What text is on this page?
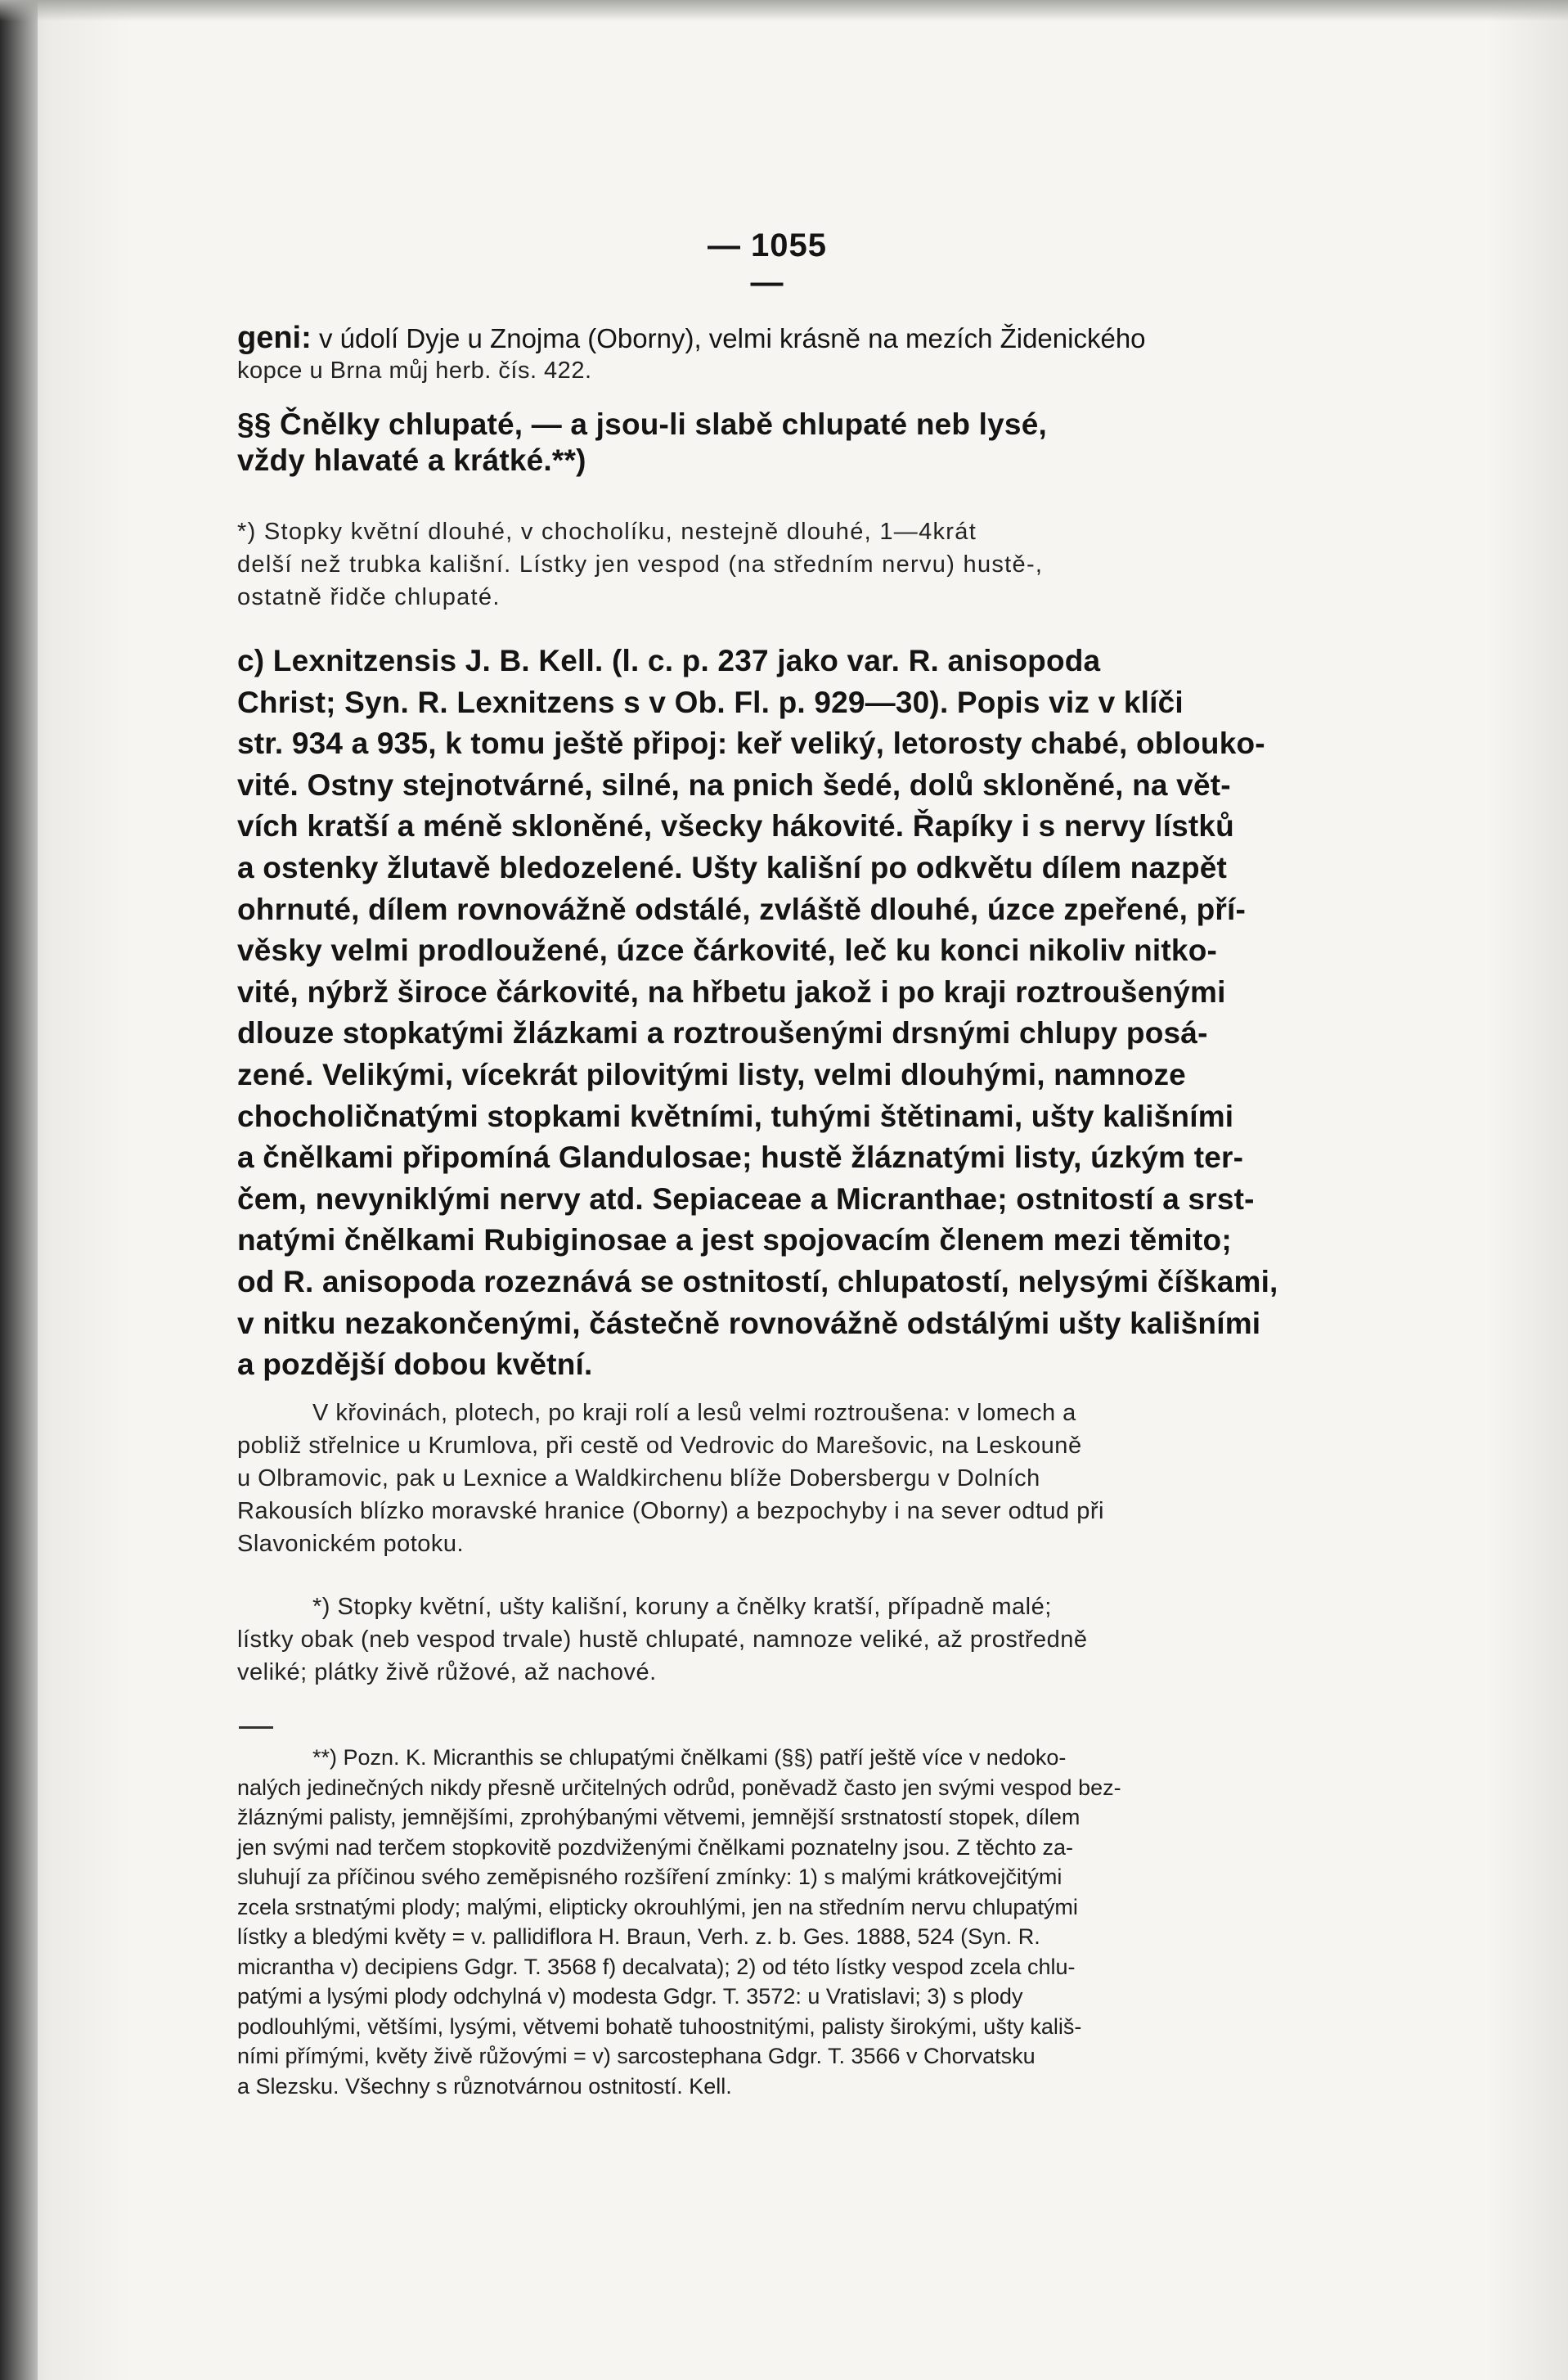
— 1055 —
geni: v údolí Dyje u Znojma (Oborny), velmi krásně na mezích Židenického
kopce u Brna můj herb. čís. 422.
§§ Čnělky chlupaté, — a jsou-li slabě chlupaté neb lysé,
vždy hlavaté a krátké.**)
*) Stopky květní dlouhé, v chocholíku, nestejně dlouhé, 1—4krát
delší než trubka kališní. Lístky jen vespod (na středním nervu) hustě-,
ostatně řidče chlupaté.
c) Lexnitzensis J. B. Kell. (l. c. p. 237 jako var. R. anisopoda
Christ; Syn. R. Lexnitzens s v Ob. Fl. p. 929—30). Popis viz v klíči
str. 934 a 935, k tomu ještě připoj: keř veliký, letorosty chabé, oblouko-
vité. Ostny stejnotvárné, silné, na pnich šedé, dolů skloněné, na vět-
vích kratší a méně skloněné, všecky hákovité. Řapíky i s nervy lístků
a ostenky žlutavě bledozelené. Ušty kališní po odkvětu dílem nazpět
ohrnuté, dílem rovnovážně odstálé, zvláště dlouhé, úzce zpeřené, pří-
věsky velmi prodloužené, úzce čárkovité, leč ku konci nikoliv nitko-
vité, nýbrž široce čárkovité, na hřbetu jakož i po kraji roztroušenými
dlouze stopkatými žlázkami a roztroušenými drsnými chlupy posá-
zené. Velikými, vícekrát pilovitými listy, velmi dlouhými, namnoze
chocholičnatými stopkami květními, tuhými štětinami, ušty kališními
a čnělkami připomíná Glandulosae; hustě žláznatými listy, úzkým ter-
čem, nevyniklými nervy atd. Sepiaceae a Micranthae; ostnitostí a srst-
natými čnělkami Rubiginosae a jest spojovacím členem mezi těmito;
od R. anisopoda rozeznává se ostnitostí, chlupatostí, nelysými číškami,
v nitku nezakončenými, částečně rovnovážně odstálými ušty kališními
a pozdější dobou květní.
V křovinách, plotech, po kraji rolí a lesů velmi roztroušena: v lomech a
pobliž střelnice u Krumlova, při cestě od Vedrovic do Marešovic, na Leskouně
u Olbramovic, pak u Lexnice a Waldkirchenu blíže Dobersbergu v Dolních
Rakousích blízko moravské hranice (Oborny) a bezpochyby i na sever odtud při
Slavonickém potoku.
*) Stopky květní, ušty kališní, korunу a čnělky kratší, případně malé;
lístky obak (neb vespod trvale) hustě chlupaté, namnoze veliké, až prostředně
veliké; plátky živě růžové, až nachové.
**) Pozn. K. Micranthis se chlupatými čnělkami (§§) patří ještě více v nedoko-
nalých jedinečných nikdy přesně určitelných odrůd, poněvadž často jen svými vespod bez-
žláznými palisty, jemnějšími, zprohýbanými větvemi, jemnější srstnatostí stopek, dílem
jen svými nad terčem stopkovitě pozdviženými čnělkami poznatelny jsou. Z těchto za-
sluhují za příčinou svého zeměpisného rozšíření zmínky: 1) s malými krátkovejčitými
zcela srstnatými plody; malými, elipticky okrouhlými, jen na středním nervu chlupatými
lístky a bledými květy = v. pallidiflora H. Braun, Verh. z. b. Ges. 1888, 524 (Syn. R.
micrantha v) decipiens Gdgr. T. 3568 f) decalvata); 2) od této lístky vespod zcela chlu-
patými a lysými plody odchylná v) modesta Gdgr. T. 3572: u Vratislavi; 3) s plody
podlouhlými, většími, lysými, větvemi bohatě tuhoostnitými, palisty širokými, ušty kališ-
ními přímými, květy živě růžovými = v) sarcostephana Gdgr. T. 3566 v Chorvatsku
a Slezsku. Všechny s různotvárnou ostnitostí. Kell.
